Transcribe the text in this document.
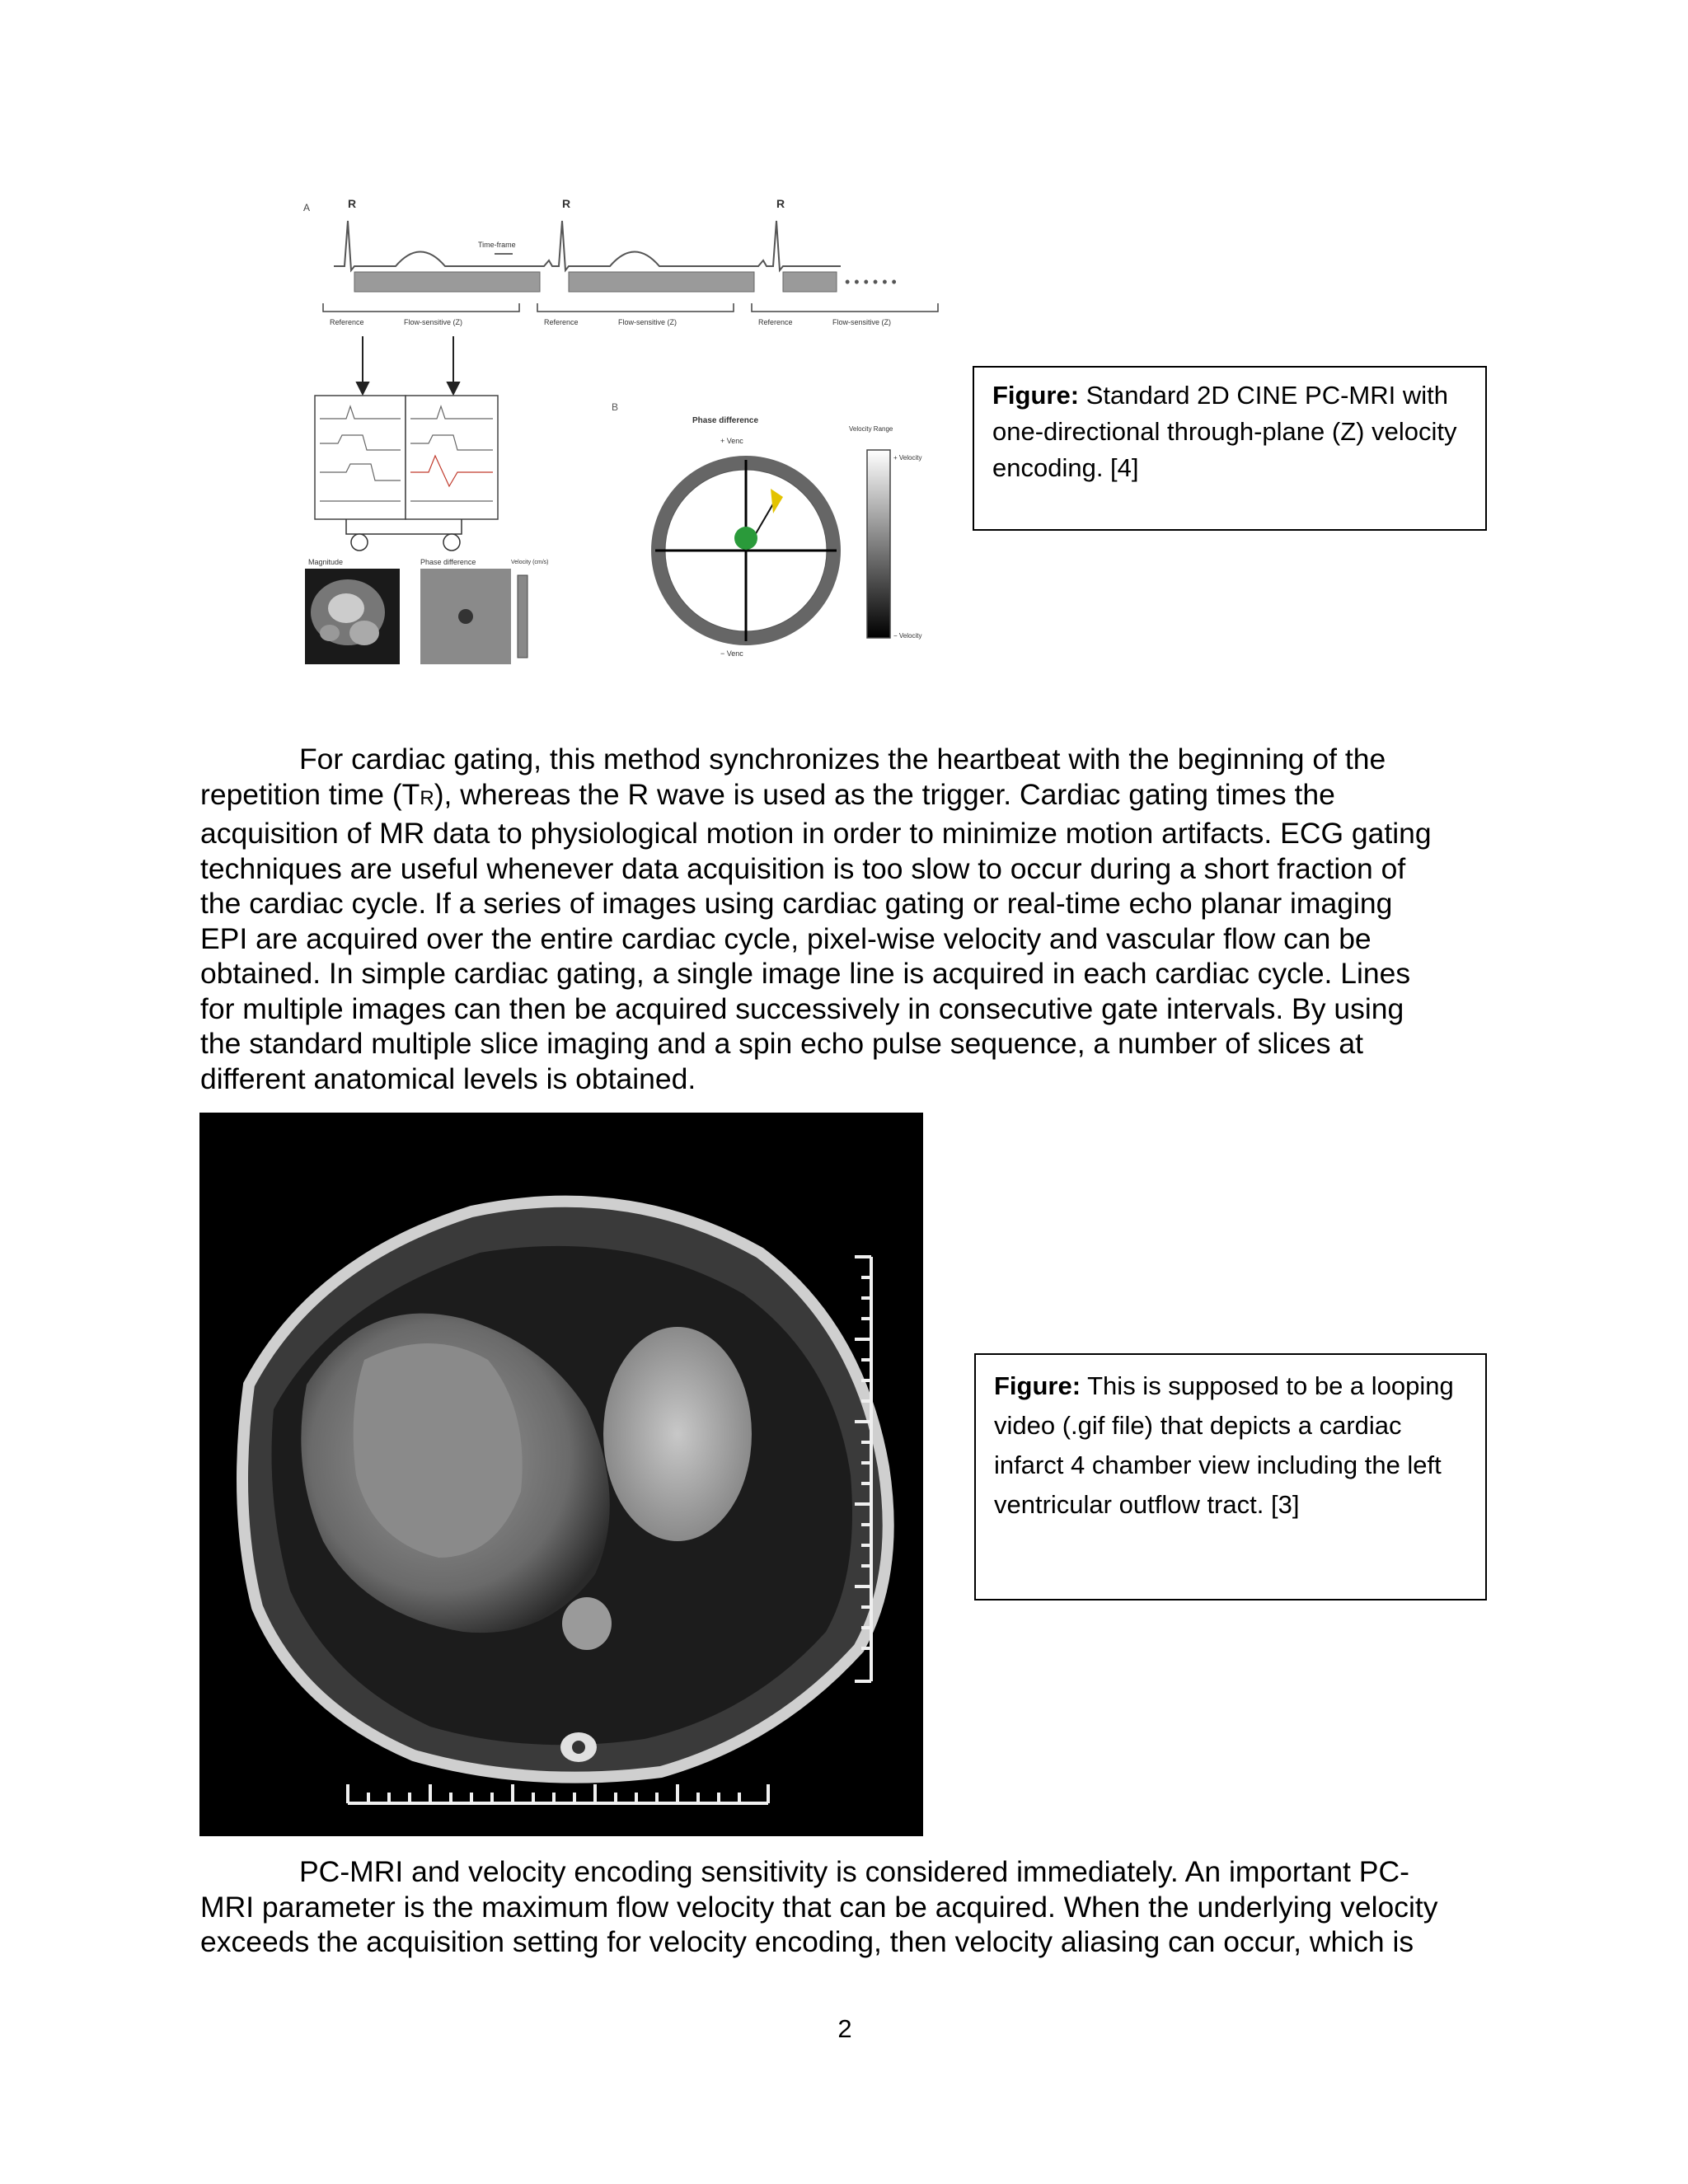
A	R	R	R
Time-frame
• • • • • •
Reference	Flow-sensitive (Z)	Reference	Flow-sensitive (Z)	Reference	Flow-sensitive (Z)
Magnitude	Phase difference	Velocity (cm/s)
B
Phase difference
+ Venc
− Venc
Velocity Range
+ Velocity
− Velocity
Figure: Standard 2D CINE PC-MRI with one-directional through-plane (Z) velocity encoding. [4]
For cardiac gating, this method synchronizes the heartbeat with the beginning of the
repetition time (TR), whereas the R wave is used as the trigger. Cardiac gating times the
acquisition of MR data to physiological motion in order to minimize motion artifacts. ECG gating
techniques are useful whenever data acquisition is too slow to occur during a short fraction of
the cardiac cycle. If a series of images using cardiac gating or real-time echo planar imaging
EPI are acquired over the entire cardiac cycle, pixel-wise velocity and vascular flow can be
obtained. In simple cardiac gating, a single image line is acquired in each cardiac cycle. Lines
for multiple images can then be acquired successively in consecutive gate intervals. By using
the standard multiple slice imaging and a spin echo pulse sequence, a number of slices at
different anatomical levels is obtained.
Figure: This is supposed to be a looping video (.gif file) that depicts a cardiac infarct 4 chamber view including the left ventricular outflow tract. [3]
PC-MRI and velocity encoding sensitivity is considered immediately. An important PC-
MRI parameter is the maximum flow velocity that can be acquired. When the underlying velocity
exceeds the acquisition setting for velocity encoding, then velocity aliasing can occur, which is
2
